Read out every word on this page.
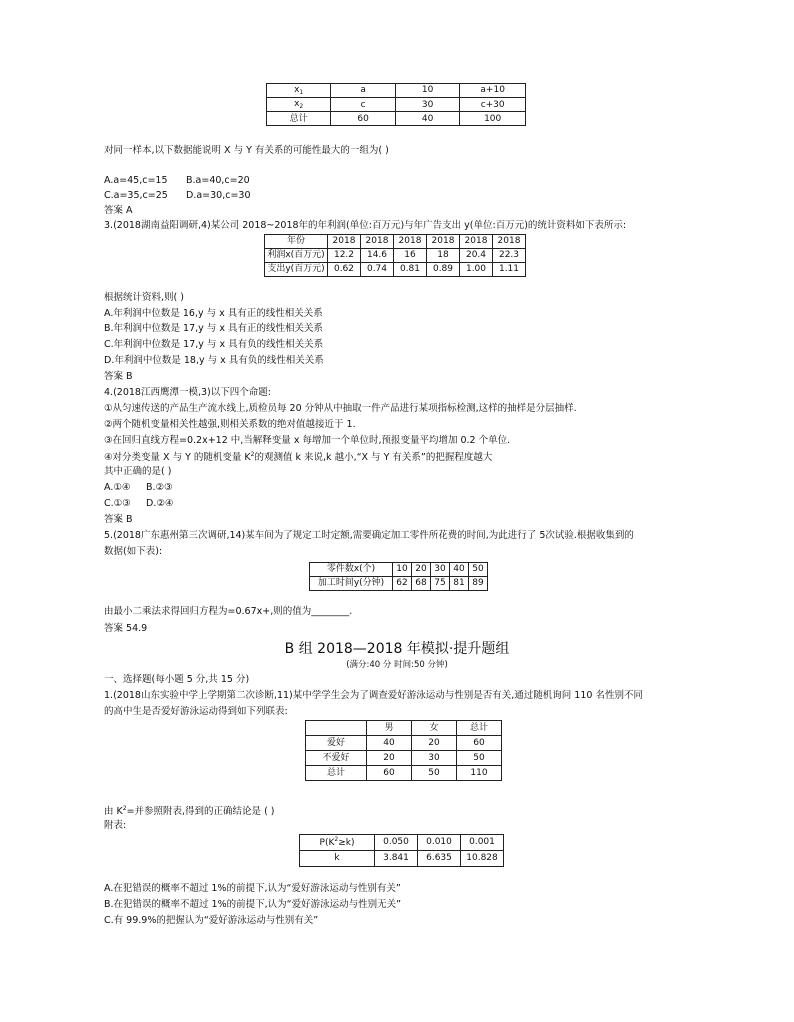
$x_1$	a	10	a+10
$x_2$	c	30	c+30
总计	60	40	100
对同一样本,以下数据能说明 X 与 Y 有关系的可能性最大的一组为( )
A.a=45,c=15 B.a=40,c=20
C.a=35,c=25 D.a=30,c=30
答案 A
3.(2018湖南益阳调研,4)某公司 2018~2018年的年利润(单位:百万元)与年广告支出 y(单位:百万元)的统计资料如下表所示:
年份	2018	2018	2018	2018	2018	2018
利润x(百万元)	12.2	14.6	16	18	20.4	22.3
支出y(百万元)	0.62	0.74	0.81	0.89	1.00	1.11
根据统计资料,则( )
A.年利润中位数是 16,y 与 x 具有正的线性相关关系
B.年利润中位数是 17,y 与 x 具有正的线性相关关系
C.年利润中位数是 17,y 与 x 具有负的线性相关关系
D.年利润中位数是 18,y 与 x 具有负的线性相关关系
答案 B
4.(2018江西鹰潭一模,3)以下四个命题:
①从匀速传送的产品生产流水线上,质检员每 20 分钟从中抽取一件产品进行某项指标检测,这样的抽样是分层抽样.
②两个随机变量相关性越强,则相关系数的绝对值越接近于 1.
③在回归直线方程=0.2x+12 中,当解释变量 x 每增加一个单位时,预报变量平均增加 0.2 个单位.
④对分类变量 X 与 Y 的随机变量 $K^2$的观测值 k 来说,k 越小,“X 与 Y 有关系”的把握程度越大
其中正确的是( )
A.①④ B.②③
C.①③ D.②④
答案 B
5.(2018广东惠州第三次调研,14)某车间为了规定工时定额,需要确定加工零件所花费的时间,为此进行了 5次试验.根据收集到的
数据(如下表):
零件数x(个)	10	20	30	40	50
加工时间y(分钟)	62	68	75	81	89
由最小二乘法求得回归方程为=0.67x+,则的值为________.
答案 54.9
B 组 2018—2018 年模拟·提升题组
(满分:40 分 时间:50 分钟)
一、选择题(每小题 5 分,共 15 分)
1.(2018山东实验中学上学期第二次诊断,11)某中学学生会为了调查爱好游泳运动与性别是否有关,通过随机询问 110 名性别不同
的高中生是否爱好游泳运动得到如下列联表:
	男	女	总计
爱好	40	20	60
不爱好	20	30	50
总计	60	50	110
由 $K^2=$并参照附表,得到的正确结论是 ( )
附表:
$P(K^2\ge k)$	0.050	0.010	0.001
k	3.841	6.635	10.828
A.在犯错误的概率不超过 1%的前提下,认为“爱好游泳运动与性别有关”
B.在犯错误的概率不超过 1%的前提下,认为“爱好游泳运动与性别无关”
C.有 99.9%的把握认为“爱好游泳运动与性别有关”
